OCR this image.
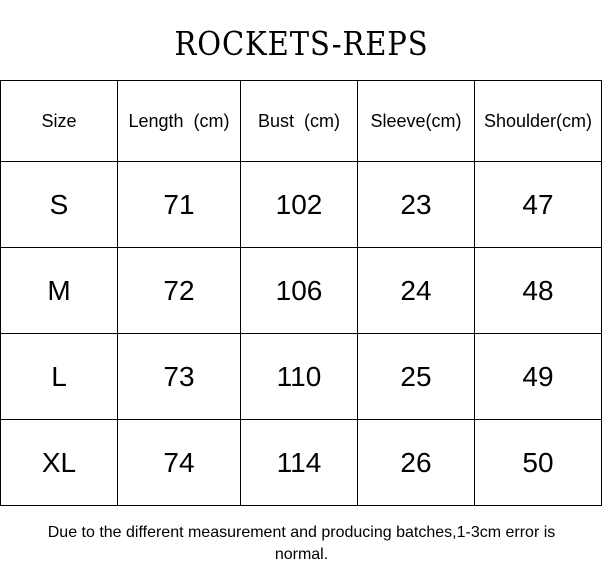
ROCKETS-REPS
Size	Length  (cm)	Bust  (cm)	Sleeve(cm)	Shoulder(cm)
S	71	102	23	47
M	72	106	24	48
L	73	110	25	49
XL	74	114	26	50
Due to the different measurement and producing batches,1-3cm error is
normal.
